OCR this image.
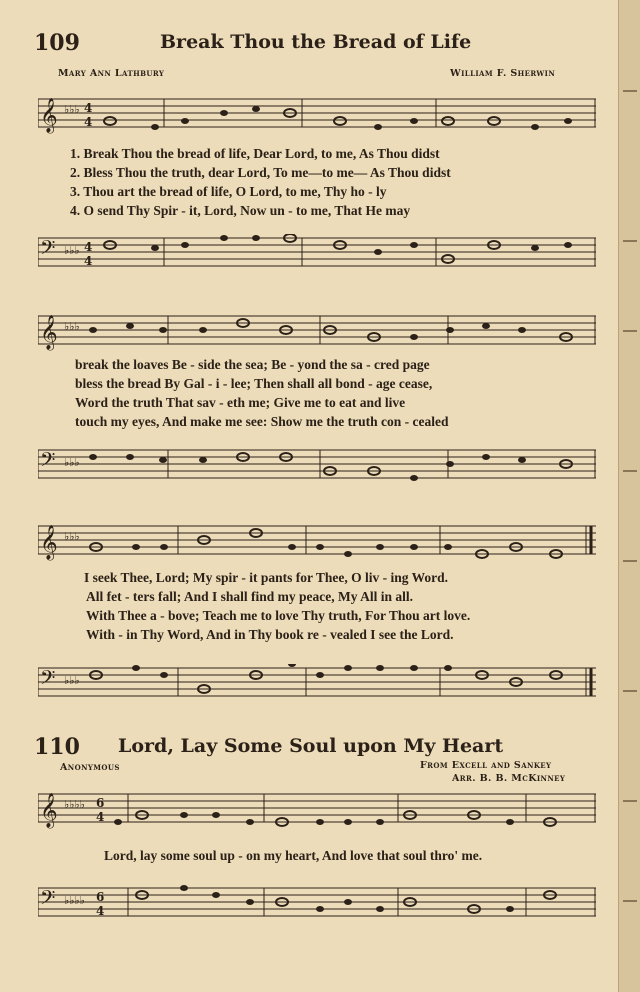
109	Break Thou the Bread of Life
Mary Ann Lathbury	William F. Sherwin
𝄞 ♭♭♭ 4
4
1. Break Thou the bread of life, Dear Lord, to me, As Thou didst
2. Bless Thou the truth, dear Lord, To me—to me— As Thou didst
3. Thou art the bread of life, O Lord, to me, Thy ho - ly
4. O send Thy Spir - it, Lord, Now un - to me, That He may
𝄢 ♭♭♭ 4
4
𝄞 ♭♭♭
break the loaves Be - side the sea; Be - yond the sa - cred page
bless the bread By Gal - i - lee; Then shall all bond - age cease,
Word the truth That sav - eth me; Give me to eat and live
touch my eyes, And make me see: Show me the truth con - cealed
𝄢 ♭♭♭
𝄞 ♭♭♭
I seek Thee, Lord; My spir - it pants for Thee, O liv - ing Word.
All fet - ters fall; And I shall find my peace, My All in all.
With Thee a - bove; Teach me to love Thy truth, For Thou art love.
With - in Thy Word, And in Thy book re - vealed I see the Lord.
𝄢 ♭♭♭
110 Lord, Lay Some Soul upon My Heart
Anonymous	From Excell and Sankey
Arr. B. B. McKinney
𝄞 ♭♭♭♭ 6
4
Lord, lay some soul up - on my heart, And love that soul thro' me.
𝄢 ♭♭♭♭ 6
4
